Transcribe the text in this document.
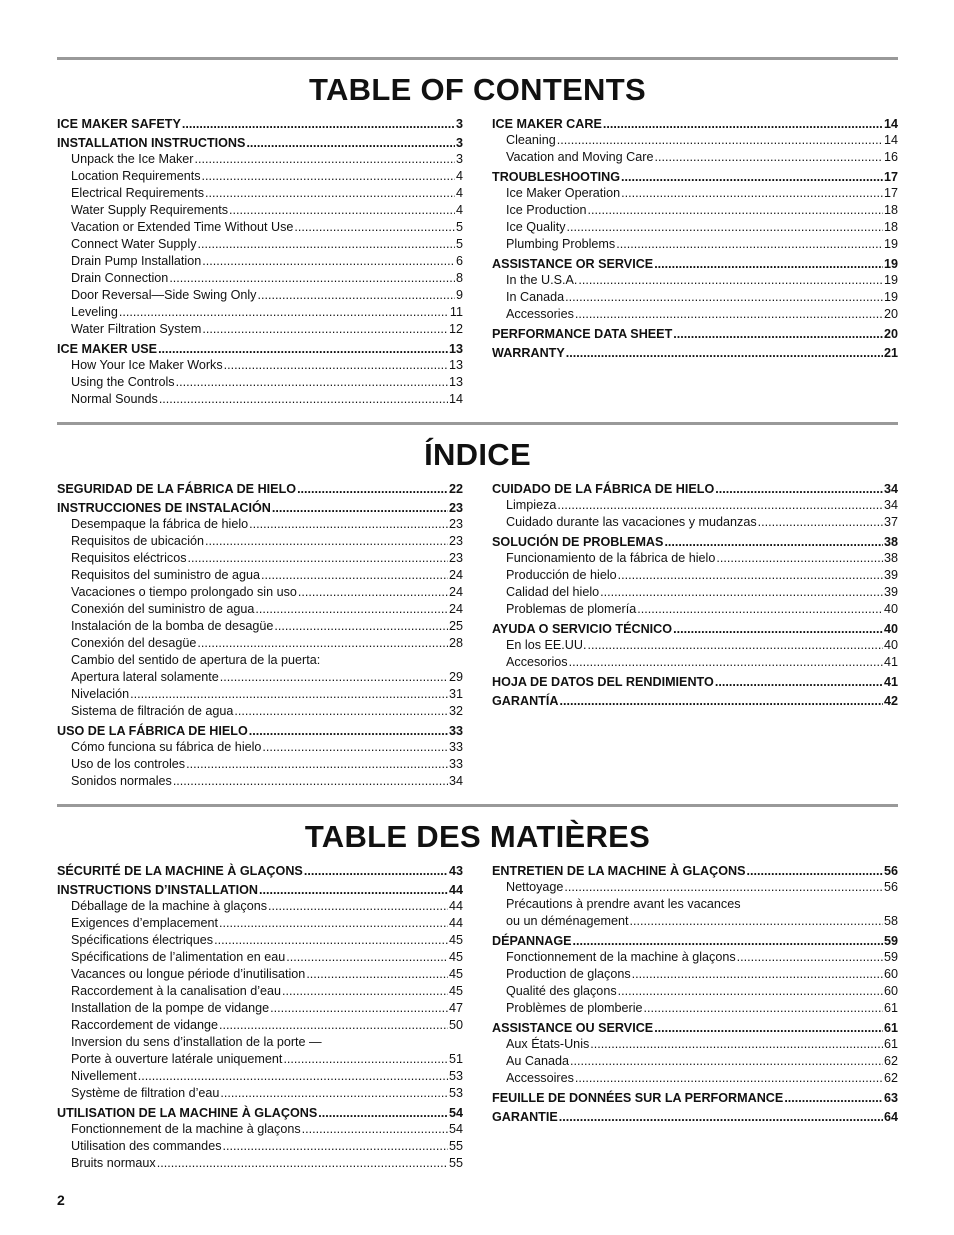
TABLE OF CONTENTS
ICE MAKER SAFETY .....	3
INSTALLATION INSTRUCTIONS .....	3
Unpack the Ice Maker .....	3
Location Requirements .....	4
Electrical Requirements .....	4
Water Supply Requirements .....	4
Vacation or Extended Time Without Use .....	5
Connect Water Supply .....	5
Drain Pump Installation .....	6
Drain Connection .....	8
Door Reversal—Side Swing Only .....	9
Leveling .....	11
Water Filtration System .....	12
ICE MAKER USE .....	13
How Your Ice Maker Works .....	13
Using the Controls .....	13
Normal Sounds .....	14
ICE MAKER CARE .....	14
Cleaning .....	14
Vacation and Moving Care .....	16
TROUBLESHOOTING .....	17
Ice Maker Operation .....	17
Ice Production .....	18
Ice Quality .....	18
Plumbing Problems .....	19
ASSISTANCE OR SERVICE .....	19
In the U.S.A. .....	19
In Canada .....	19
Accessories .....	20
PERFORMANCE DATA SHEET .....	20
WARRANTY .....	21
ÍNDICE
SEGURIDAD DE LA FÁBRICA DE HIELO .....	22
INSTRUCCIONES DE INSTALACIÓN .....	23
Desempaque la fábrica de hielo .....	23
Requisitos de ubicación .....	23
Requisitos eléctricos .....	23
Requisitos del suministro de agua .....	24
Vacaciones o tiempo prolongado sin uso .....	24
Conexión del suministro de agua .....	24
Instalación de la bomba de desagüe .....	25
Conexión del desagüe .....	28
Cambio del sentido de apertura de la puerta:
Apertura lateral solamente .....	29
Nivelación .....	31
Sistema de filtración de agua .....	32
USO DE LA FÁBRICA DE HIELO .....	33
Cómo funciona su fábrica de hielo .....	33
Uso de los controles .....	33
Sonidos normales .....	34
CUIDADO DE LA FÁBRICA DE HIELO .....	34
Limpieza .....	34
Cuidado durante las vacaciones y mudanzas .....	37
SOLUCIÓN DE PROBLEMAS .....	38
Funcionamiento de la fábrica de hielo .....	38
Producción de hielo .....	39
Calidad del hielo .....	39
Problemas de plomería .....	40
AYUDA O SERVICIO TÉCNICO .....	40
En los EE.UU. .....	40
Accesorios .....	41
HOJA DE DATOS DEL RENDIMIENTO .....	41
GARANTÍA .....	42
TABLE DES MATIÈRES
SÉCURITÉ DE LA MACHINE À GLAÇONS .....	43
INSTRUCTIONS D’INSTALLATION .....	44
Déballage de la machine à glaçons .....	44
Exigences d’emplacement .....	44
Spécifications électriques .....	45
Spécifications de l’alimentation en eau .....	45
Vacances ou longue période d’inutilisation .....	45
Raccordement à la canalisation d’eau .....	45
Installation de la pompe de vidange .....	47
Raccordement de vidange .....	50
Inversion du sens d’installation de la porte —
Porte à ouverture latérale uniquement .....	51
Nivellement .....	53
Système de filtration d’eau .....	53
UTILISATION DE LA MACHINE À GLAÇONS .....	54
Fonctionnement de la machine à glaçons .....	54
Utilisation des commandes .....	55
Bruits normaux .....	55
ENTRETIEN DE LA MACHINE À GLAÇONS .....	56
Nettoyage .....	56
Précautions à prendre avant les vacances
ou un déménagement .....	58
DÉPANNAGE .....	59
Fonctionnement de la machine à glaçons .....	59
Production de glaçons .....	60
Qualité des glaçons .....	60
Problèmes de plomberie .....	61
ASSISTANCE OU SERVICE .....	61
Aux États-Unis .....	61
Au Canada .....	62
Accessoires .....	62
FEUILLE DE DONNÉES SUR LA PERFORMANCE .....	63
GARANTIE .....	64
2
